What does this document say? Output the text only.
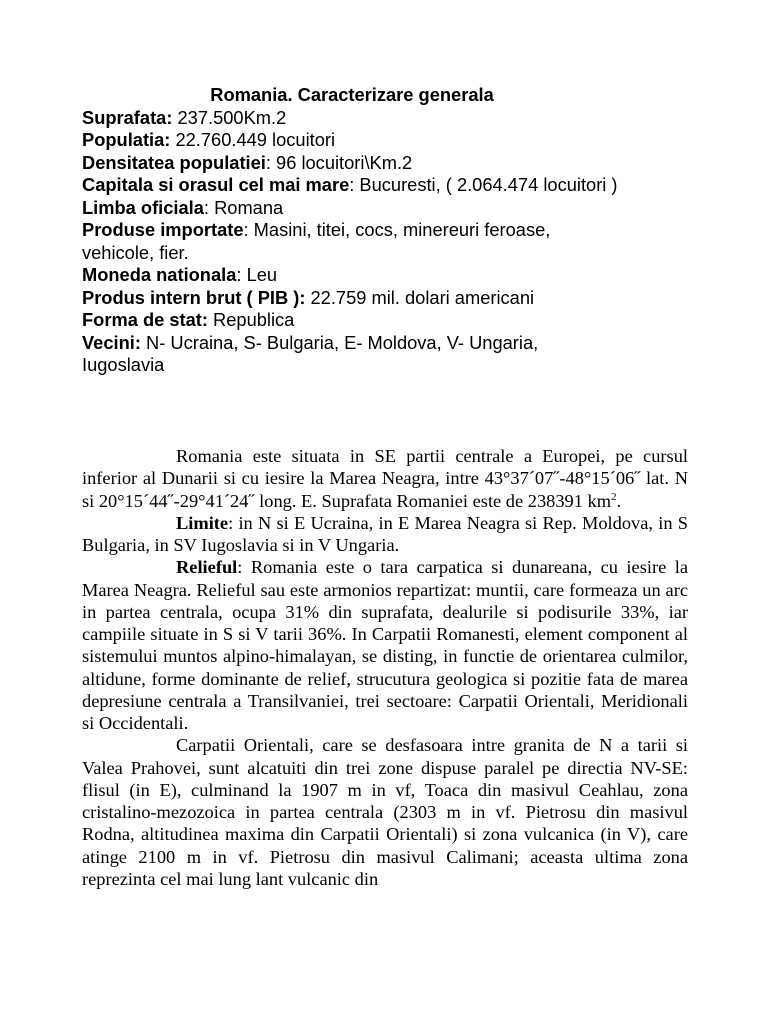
Romania. Caracterizare generala
Suprafata: 237.500Km.2
Populatia: 22.760.449 locuitori
Densitatea populatiei: 96 locuitori\Km.2
Capitala si orasul cel mai mare: Bucuresti, ( 2.064.474 locuitori )
Limba oficiala: Romana
Produse importate: Masini, titei, cocs, minereuri feroase, vehicole, fier.
Moneda nationala: Leu
Produs intern brut ( PIB ): 22.759 mil. dolari americani
Forma de stat: Republica
Vecini: N- Ucraina, S- Bulgaria, E- Moldova, V- Ungaria, Iugoslavia

Romania este situata in SE partii centrale a Europei, pe cursul inferior al Dunarii si cu iesire la Marea Neagra, intre 43°37´07˝-48°15´06˝ lat. N si 20°15´44˝-29°41´24˝ long. E. Suprafata Romaniei este de 238391 $km^2$.

Limite: in N si E Ucraina, in E Marea Neagra si Rep. Moldova, in S Bulgaria, in SV Iugoslavia si in V Ungaria.

Relieful: Romania este o tara carpatica si dunareana, cu iesire la Marea Neagra. Relieful sau este armonios repartizat: muntii, care formeaza un arc in partea centrala, ocupa 31% din suprafata, dealurile si podisurile 33%, iar campiile situate in S si V tarii 36%. In Carpatii Romanesti, element component al sistemului muntos alpino-himalayan, se disting, in functie de orientarea culmilor, altidune, forme dominante de relief, strucutura geologica si pozitie fata de marea depresiune centrala a Transilvaniei, trei sectoare: Carpatii Orientali, Meridionali si Occidentali.

Carpatii Orientali, care se desfasoara intre granita de N a tarii si Valea Prahovei, sunt alcatuiti din trei zone dispuse paralel pe directia NV-SE: flisul (in E), culminand la 1907 m in vf, Toaca din masivul Ceahlau, zona cristalino-mezozoica in partea centrala (2303 m in vf. Pietrosu din masivul Rodna, altitudinea maxima din Carpatii Orientali) si zona vulcanica (in V), care atinge 2100 m in vf. Pietrosu din masivul Calimani; aceasta ultima zona reprezinta cel mai lung lant vulcanic din
